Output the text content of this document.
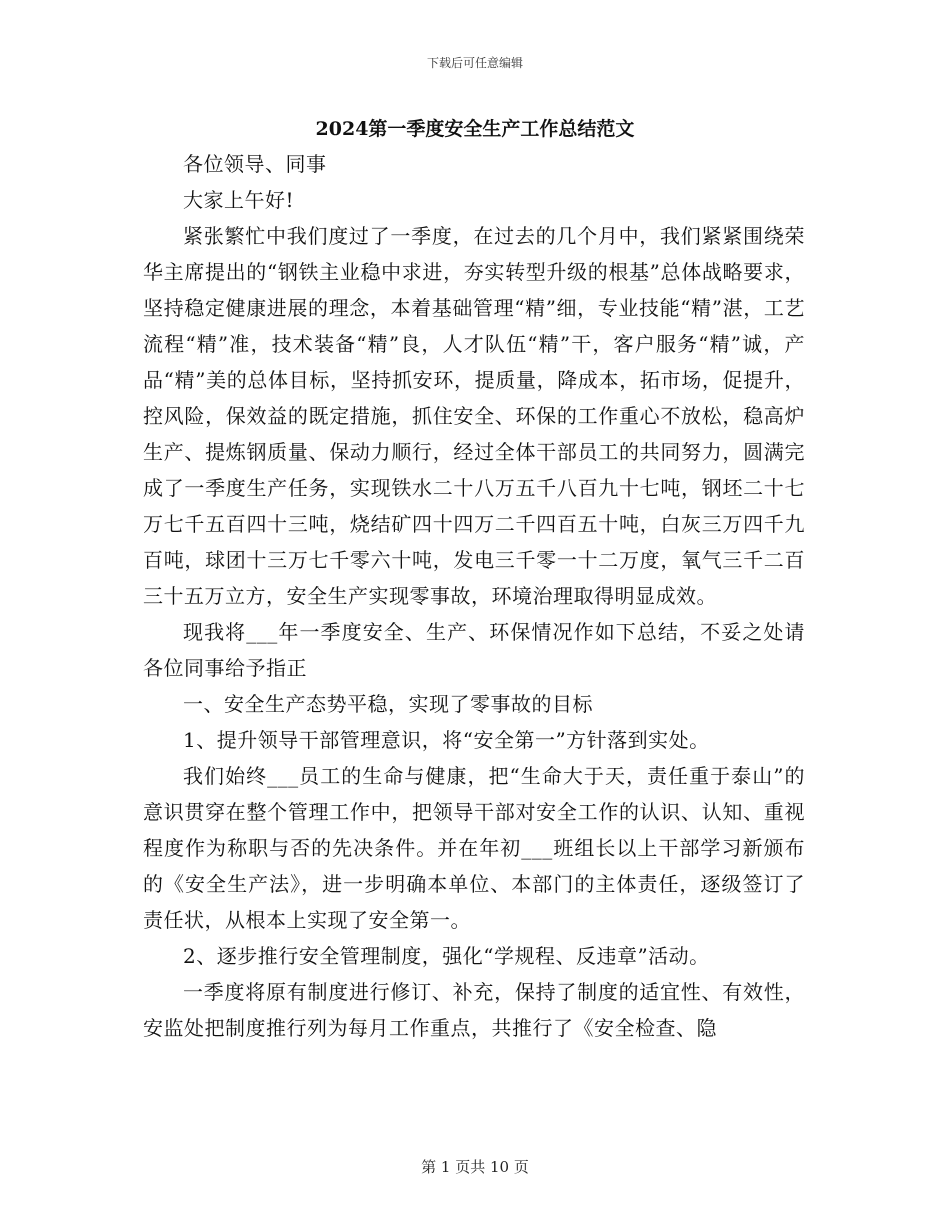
下载后可任意编辑
2024第一季度安全生产工作总结范文

各位领导、同事

大家上午好!

紧张繁忙中我们度过了一季度，在过去的几个月中，我们紧紧围绕荣华主席提出的“钢铁主业稳中求进，夯实转型升级的根基”总体战略要求，坚持稳定健康进展的理念，本着基础管理“精”细，专业技能“精”湛，工艺流程“精”准，技术装备“精”良，人才队伍“精”干，客户服务“精”诚，产品“精”美的总体目标，坚持抓安环，提质量，降成本，拓市场，促提升，控风险，保效益的既定措施，抓住安全、环保的工作重心不放松，稳高炉生产、提炼钢质量、保动力顺行，经过全体干部员工的共同努力，圆满完成了一季度生产任务，实现铁水二十八万五千八百九十七吨，钢坯二十七万七千五百四十三吨，烧结矿四十四万二千四百五十吨，白灰三万四千九百吨，球团十三万七千零六十吨，发电三千零一十二万度，氧气三千二百三十五万立方，安全生产实现零事故，环境治理取得明显成效。

现我将___年一季度安全、生产、环保情况作如下总结，不妥之处请各位同事给予指正

一、安全生产态势平稳，实现了零事故的目标

1、提升领导干部管理意识，将“安全第一”方针落到实处。

我们始终___员工的生命与健康，把“生命大于天，责任重于泰山”的意识贯穿在整个管理工作中，把领导干部对安全工作的认识、认知、重视程度作为称职与否的先决条件。并在年初___班组长以上干部学习新颁布的《安全生产法》，进一步明确本单位、本部门的主体责任，逐级签订了责任状，从根本上实现了安全第一。

2、逐步推行安全管理制度，强化“学规程、反违章”活动。

一季度将原有制度进行修订、补充，保持了制度的适宜性、有效性，安监处把制度推行列为每月工作重点，共推行了《安全检查、隐

第 1 页共 10 页
